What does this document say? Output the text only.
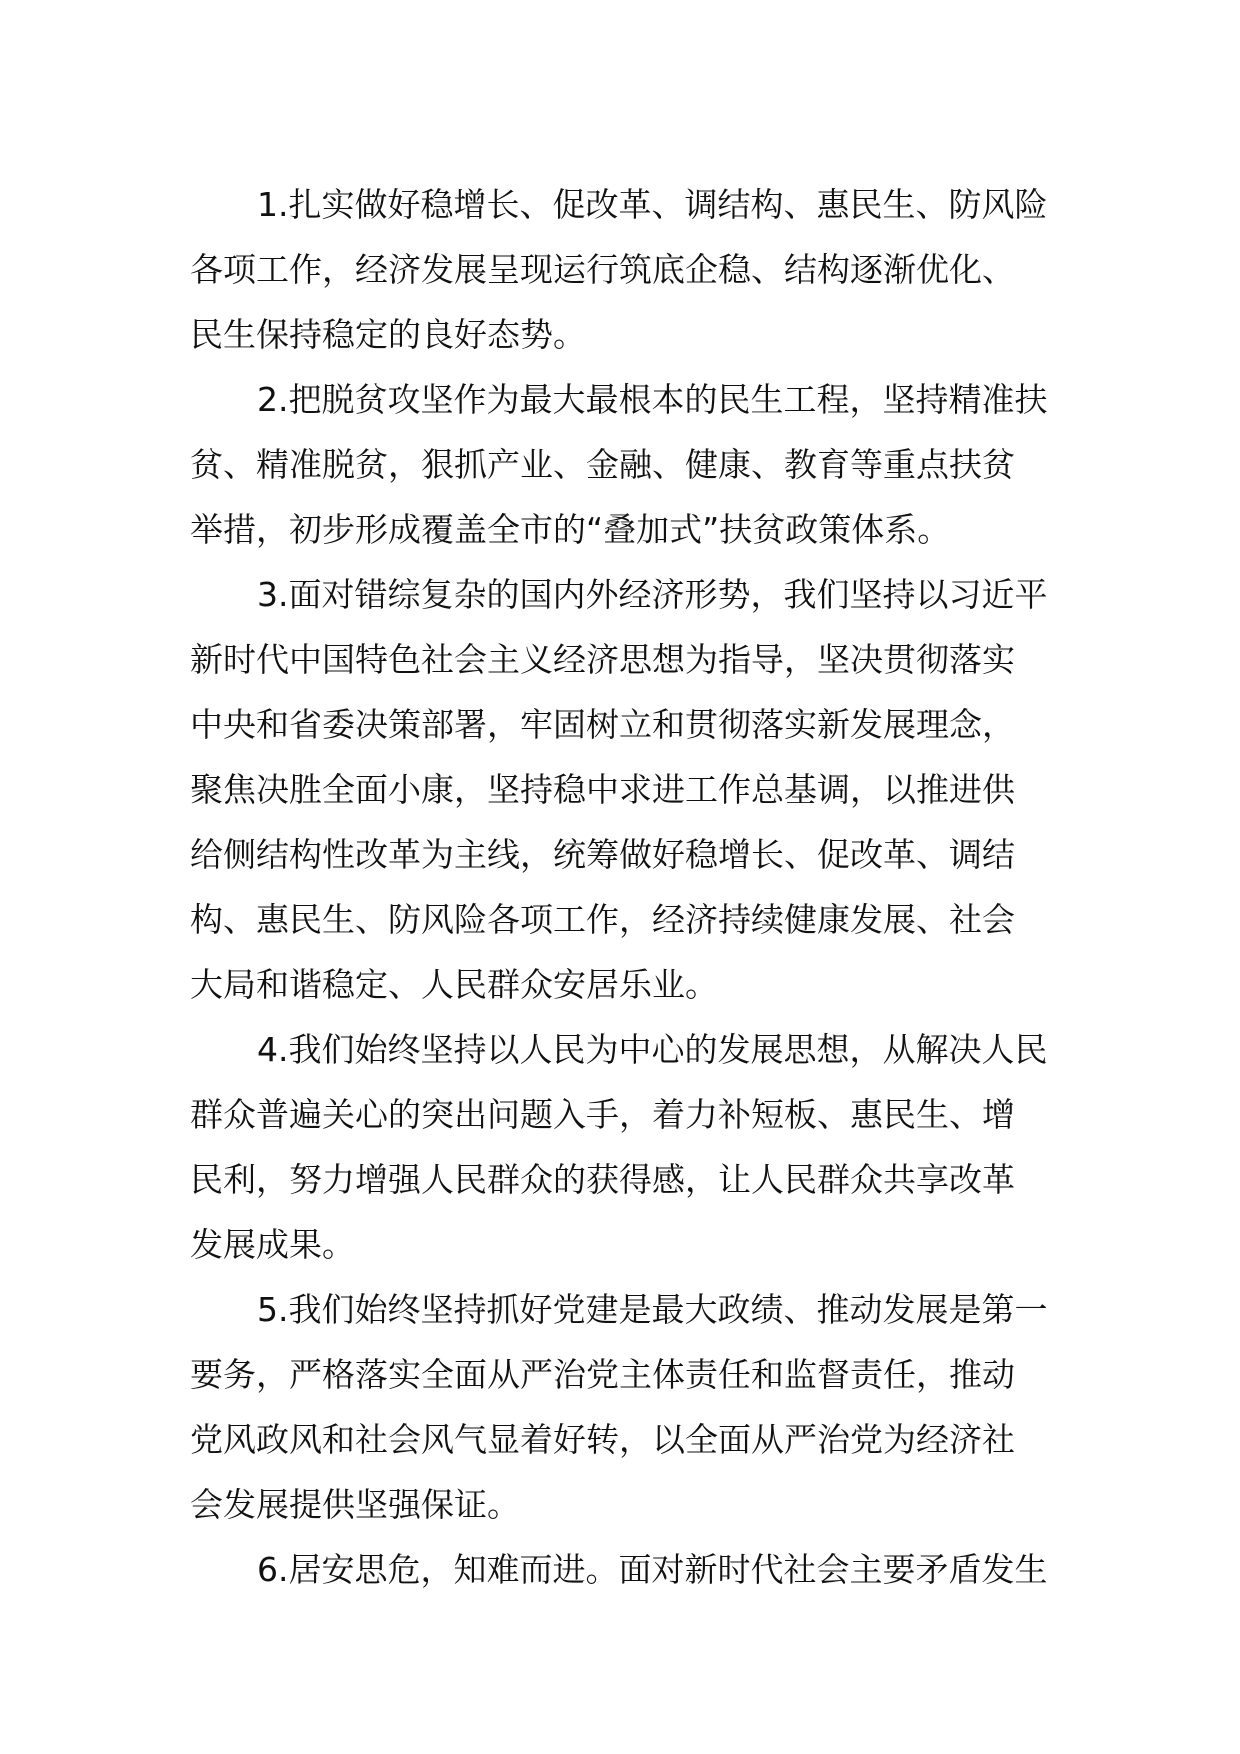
1.扎实做好稳增长、促改革、调结构、惠民生、防风险
各项工作，经济发展呈现运行筑底企稳、结构逐渐优化、
民生保持稳定的良好态势。
2.把脱贫攻坚作为最大最根本的民生工程，坚持精准扶
贫、精准脱贫，狠抓产业、金融、健康、教育等重点扶贫
举措，初步形成覆盖全市的“叠加式”扶贫政策体系。
3.面对错综复杂的国内外经济形势，我们坚持以习近平
新时代中国特色社会主义经济思想为指导，坚决贯彻落实
中央和省委决策部署，牢固树立和贯彻落实新发展理念，
聚焦决胜全面小康，坚持稳中求进工作总基调，以推进供
给侧结构性改革为主线，统筹做好稳增长、促改革、调结
构、惠民生、防风险各项工作，经济持续健康发展、社会
大局和谐稳定、人民群众安居乐业。
4.我们始终坚持以人民为中心的发展思想，从解决人民
群众普遍关心的突出问题入手，着力补短板、惠民生、增
民利，努力增强人民群众的获得感，让人民群众共享改革
发展成果。
5.我们始终坚持抓好党建是最大政绩、推动发展是第一
要务，严格落实全面从严治党主体责任和监督责任，推动
党风政风和社会风气显着好转，以全面从严治党为经济社
会发展提供坚强保证。
6.居安思危，知难而进。面对新时代社会主要矛盾发生
